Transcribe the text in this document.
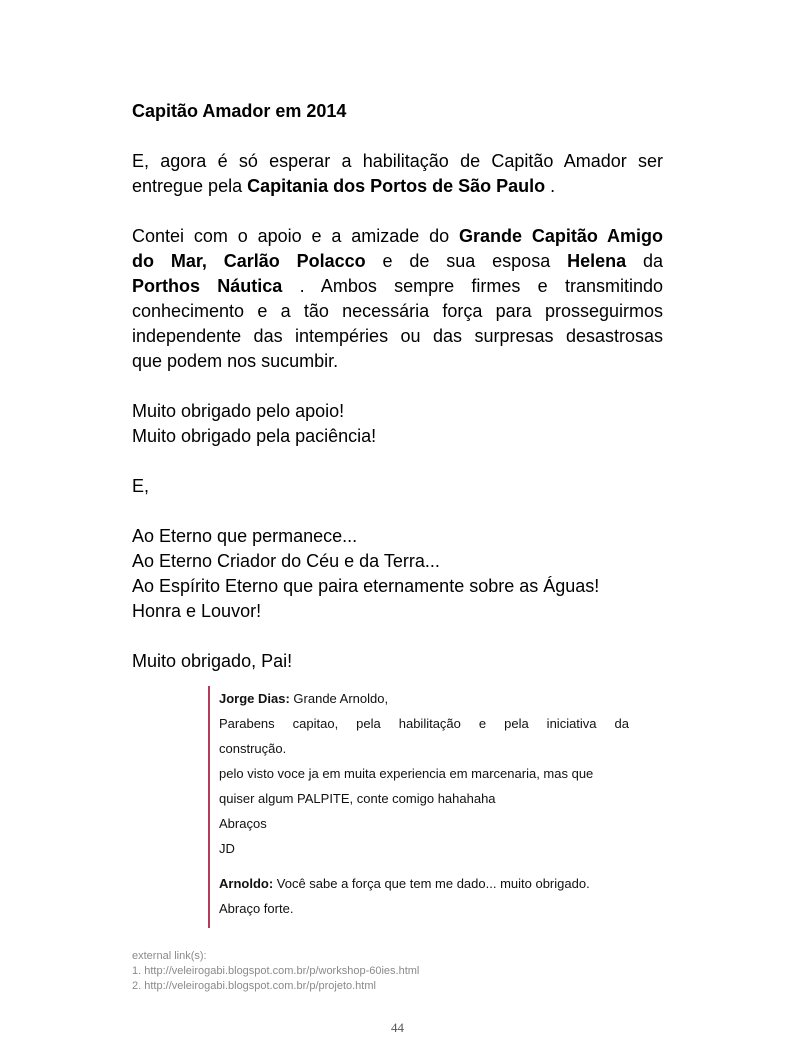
Capitão Amador em 2014
E, agora é só esperar a habilitação de Capitão Amador ser
entregue pela Capitania dos Portos de São Paulo .
Contei com o apoio e a amizade do Grande Capitão Amigo
do Mar, Carlão Polacco e de sua esposa Helena da
Porthos Náutica . Ambos sempre firmes e transmitindo
conhecimento e a tão necessária força para prosseguirmos
independente das intempéries ou das surpresas desastrosas
que podem nos sucumbir.
Muito obrigado pelo apoio!
Muito obrigado pela paciência!
E,
Ao Eterno que permanece...
Ao Eterno Criador do Céu e da Terra...
Ao Espírito Eterno que paira eternamente sobre as Águas!
Honra e Louvor!
Muito obrigado, Pai!
Jorge Dias: Grande Arnoldo,
Parabens capitao, pela habilitação e pela iniciativa da
construção.
pelo visto voce ja em muita experiencia em marcenaria, mas que
quiser algum PALPITE, conte comigo hahahaha
Abraços
JD
Arnoldo: Você sabe a força que tem me dado... muito obrigado.
Abraço forte.
external link(s):
1. http://veleirogabi.blogspot.com.br/p/workshop-60ies.html
2. http://veleirogabi.blogspot.com.br/p/projeto.html
44
